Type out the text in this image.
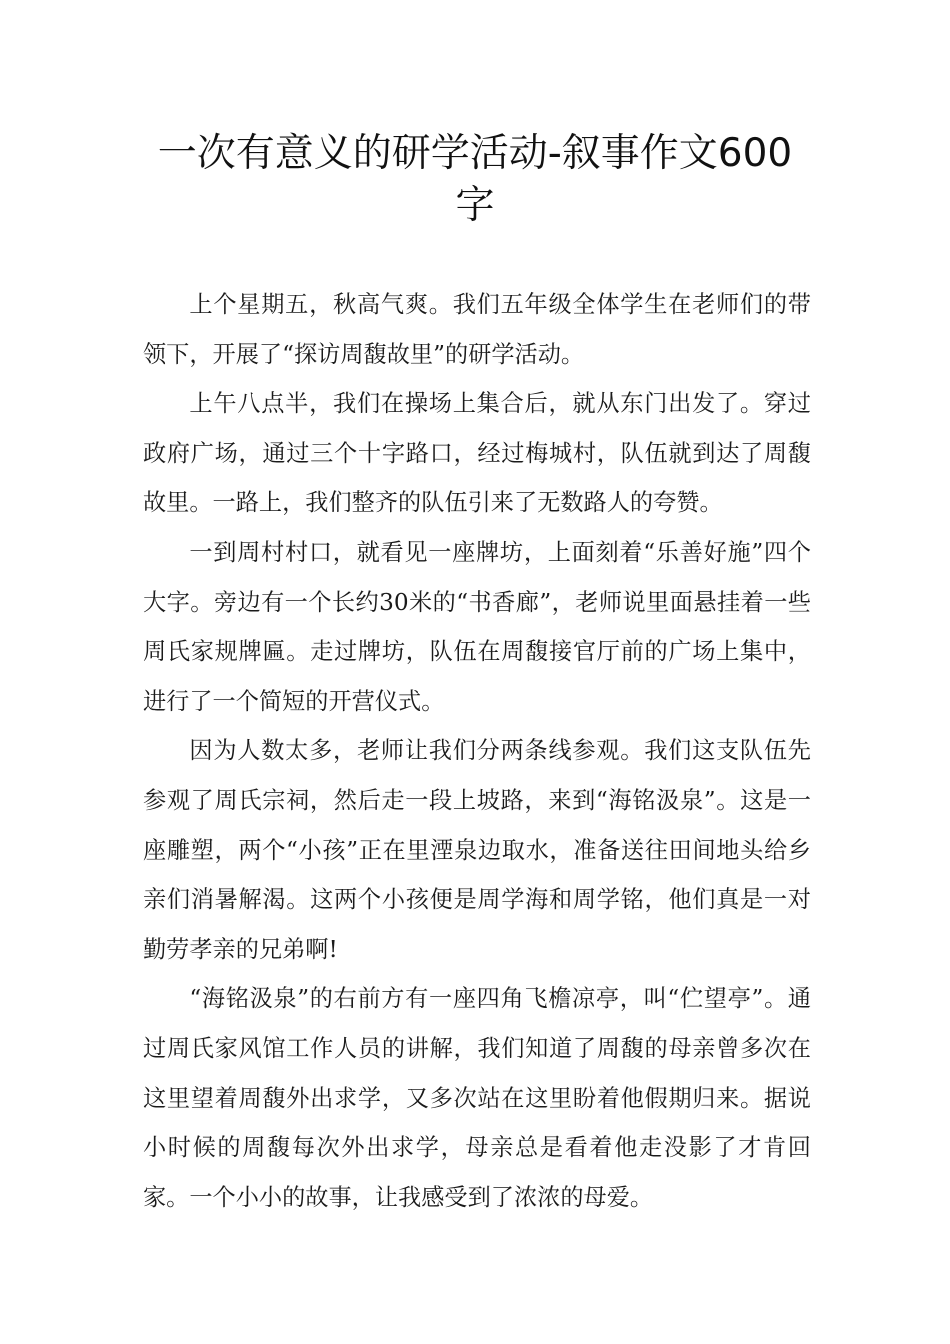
一次有意义的研学活动-叙事作文600字

上个星期五，秋高气爽。我们五年级全体学生在老师们的带领下，开展了“探访周馥故里”的研学活动。

上午八点半，我们在操场上集合后，就从东门出发了。穿过政府广场，通过三个十字路口，经过梅城村，队伍就到达了周馥故里。一路上，我们整齐的队伍引来了无数路人的夸赞。

一到周村村口，就看见一座牌坊，上面刻着“乐善好施”四个大字。旁边有一个长约30米的“书香廊”，老师说里面悬挂着一些周氏家规牌匾。走过牌坊，队伍在周馥接官厅前的广场上集中，进行了一个简短的开营仪式。

因为人数太多，老师让我们分两条线参观。我们这支队伍先参观了周氏宗祠，然后走一段上坡路，来到“海铭汲泉”。这是一座雕塑，两个“小孩”正在里湮泉边取水，准备送往田间地头给乡亲们消暑解渴。这两个小孩便是周学海和周学铭，他们真是一对勤劳孝亲的兄弟啊!

“海铭汲泉”的右前方有一座四角飞檐凉亭，叫“伫望亭”。通过周氏家风馆工作人员的讲解，我们知道了周馥的母亲曾多次在这里望着周馥外出求学，又多次站在这里盼着他假期归来。据说小时候的周馥每次外出求学，母亲总是看着他走没影了才肯回家。一个小小的故事，让我感受到了浓浓的母爱。
